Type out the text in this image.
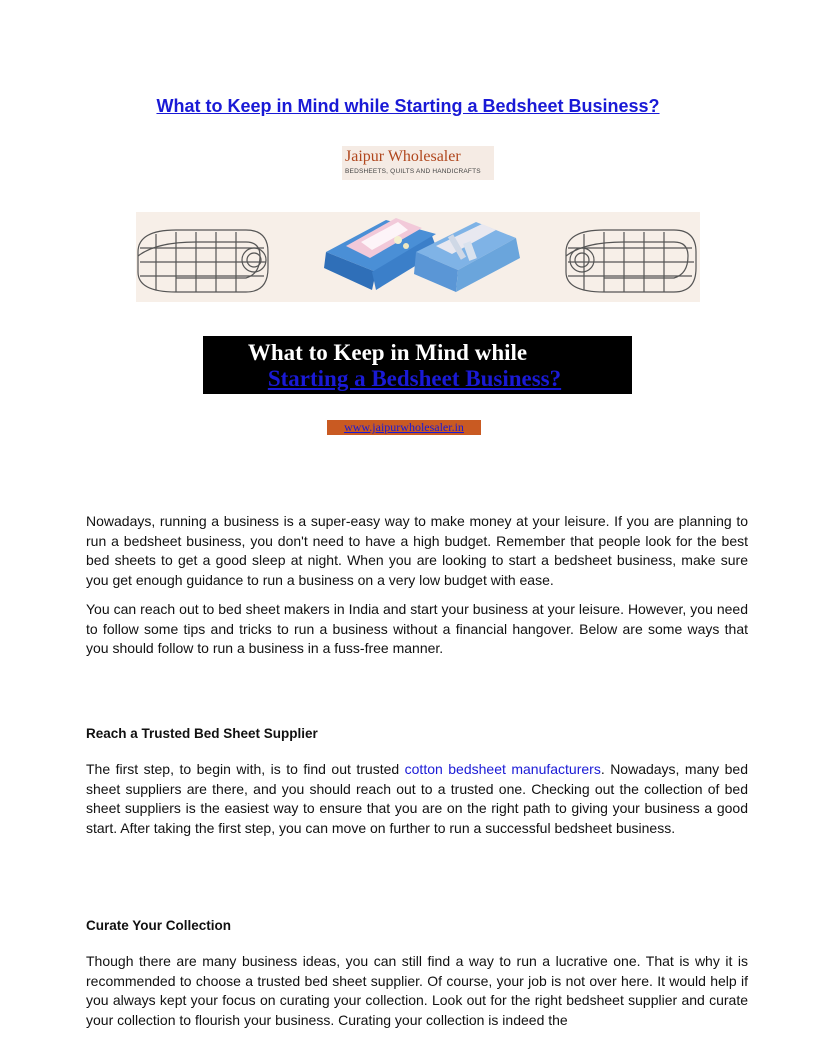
What to Keep in Mind while Starting a Bedsheet Business?
Jaipur Wholesaler
BEDSHEETS, QUILTS AND HANDICRAFTS
What to Keep in Mind while
Starting a Bedsheet Business?
www.jaipurwholesaler.in

Nowadays, running a business is a super-easy way to make money at your leisure. If you are planning to run a bedsheet business, you don't need to have a high budget. Remember that people look for the best bed sheets to get a good sleep at night. When you are looking to start a bedsheet business, make sure you get enough guidance to run a business on a very low budget with ease.

You can reach out to bed sheet makers in India and start your business at your leisure. However, you need to follow some tips and tricks to run a business without a financial hangover. Below are some ways that you should follow to run a business in a fuss-free manner.

Reach a Trusted Bed Sheet Supplier

The first step, to begin with, is to find out trusted cotton bedsheet manufacturers. Nowadays, many bed sheet suppliers are there, and you should reach out to a trusted one. Checking out the collection of bed sheet suppliers is the easiest way to ensure that you are on the right path to giving your business a good start. After taking the first step, you can move on further to run a successful bedsheet business.

Curate Your Collection

Though there are many business ideas, you can still find a way to run a lucrative one. That is why it is recommended to choose a trusted bed sheet supplier. Of course, your job is not over here. It would help if you always kept your focus on curating your collection. Look out for the right bedsheet supplier and curate your collection to flourish your business. Curating your collection is indeed the
